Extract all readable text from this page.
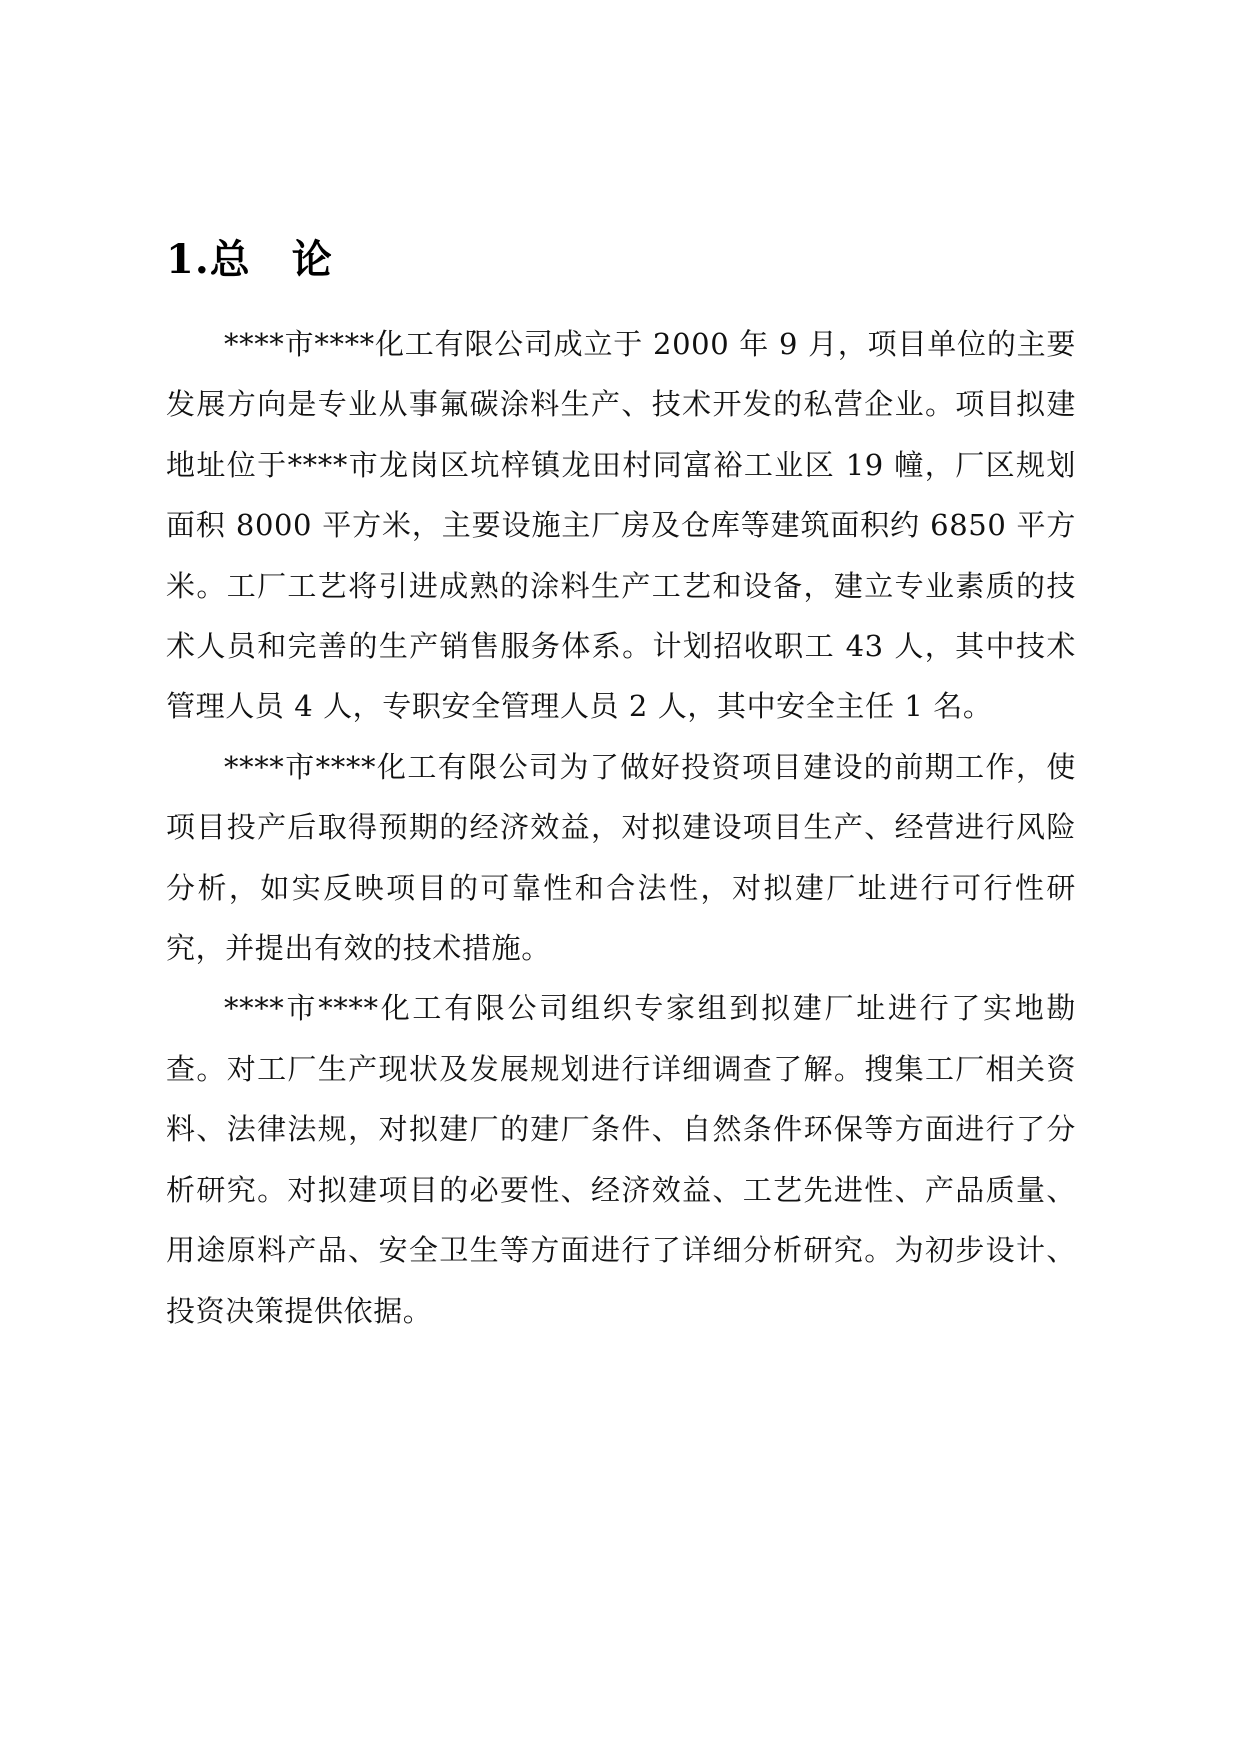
1.总　论

****市****化工有限公司成立于 2000 年 9 月，项目单位的主要发展方向是专业从事氟碳涂料生产、技术开发的私营企业。项目拟建地址位于****市龙岗区坑梓镇龙田村同富裕工业区 19 幢，厂区规划面积 8000 平方米，主要设施主厂房及仓库等建筑面积约 6850 平方米。工厂工艺将引进成熟的涂料生产工艺和设备，建立专业素质的技术人员和完善的生产销售服务体系。计划招收职工 43 人，其中技术管理人员 4 人，专职安全管理人员 2 人，其中安全主任 1 名。

****市****化工有限公司为了做好投资项目建设的前期工作，使项目投产后取得预期的经济效益，对拟建设项目生产、经营进行风险分析，如实反映项目的可靠性和合法性，对拟建厂址进行可行性研究，并提出有效的技术措施。

****市****化工有限公司组织专家组到拟建厂址进行了实地勘查。对工厂生产现状及发展规划进行详细调查了解。搜集工厂相关资料、法律法规，对拟建厂的建厂条件、自然条件环保等方面进行了分析研究。对拟建项目的必要性、经济效益、工艺先进性、产品质量、用途原料产品、安全卫生等方面进行了详细分析研究。为初步设计、投资决策提供依据。
